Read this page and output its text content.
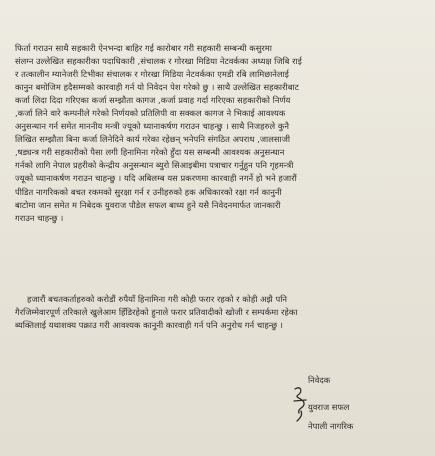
फिर्ता गराउन साथै सहकारी ऐनभन्दा बाहिर गई कारोबार गरी सहकारी सम्बन्धी कसुरमा
संलग्न उल्लेखित सहकारीका पदाधिकारी ,संचालक र गोरखा मिडिया नेटवर्कका अध्यक्ष जिबि राई
र तत्कालीन म्यानेजरी टिभीका संचालक र गोरखा मिडिया नेटवर्कका एमडी रबि लामिछानेलाई
कानुन बमोजिम हदैसम्मको कारवाही गर्न यो निवेदन पेश गरेको छु । साथै उल्लेखित सहकारीबाट
कर्जा लिदा दिदा गरिएका कर्जा सम्झौता कागज ,कर्जा प्रवाह गर्दा गरिएका सहकारीको निर्णय
,कर्जा लिने वारे कम्पनीले गरेको निर्णयको प्रतिलिपी वा सक्कल कागज ने भिकाई आवश्यक
अनुसन्धान गर्न समेत माननीय मन्त्री ज्यूको ध्यानाकर्षण गराउन चाहन्छु । साथै निजहरुले कुनै
लिखित सम्झौता बिना कर्जा लिनेदिने कार्य गरेका रहेछन् भनेपनि संगठित अपराध ,जालसाजी
,षड्यन्त्र गरी सहकारीको पैसा लगी हिनामिना गरेको हुँदा यस सम्बन्धी आवश्यक अनुसन्धान
गर्नको लागि नेपाल प्रहरीको केन्द्रीय अनुसन्धान ब्युरो सिआइबीमा पत्राचार गर्नुहुन पनि गृहमन्त्री
ज्यूको ध्यानाकर्षण गराउन चाहन्छु । यदि अबिलम्ब यस प्रकरणमा कारवाही नगर्ने हो भने हजारौं
पीडित नागरिकको बचत रकमको सुरक्षा गर्न र उनीहरुको हक अधिकारको रक्षा गर्न कानुनी
बाटोमा जान समेत म निबेदक युवराज पौडेल सफल बाध्य हुने यसै निवेदनमार्फत जानकारी
गराउन चाहन्छु ।
हजारौं बचतकर्ताहरुको करोडौं रुपैयाँ हिनामिना गरी कोही फरार रहको र कोही अझै पनि
गैरजिम्मेवारपूर्ण तरिकाले खुलेआम हिँडिरहेको हुनाले फरार प्रतिवादीको खोजी र सम्पर्कमा रहेका
ब्यक्तिलाई यथाशक्य पक्राउ गरी आवश्यक कानुनी कारवाही गर्न पनि अनुरोध गर्न चाहन्छु ।
निवेदक
युवराज सफल
नेपाली नागरिक
